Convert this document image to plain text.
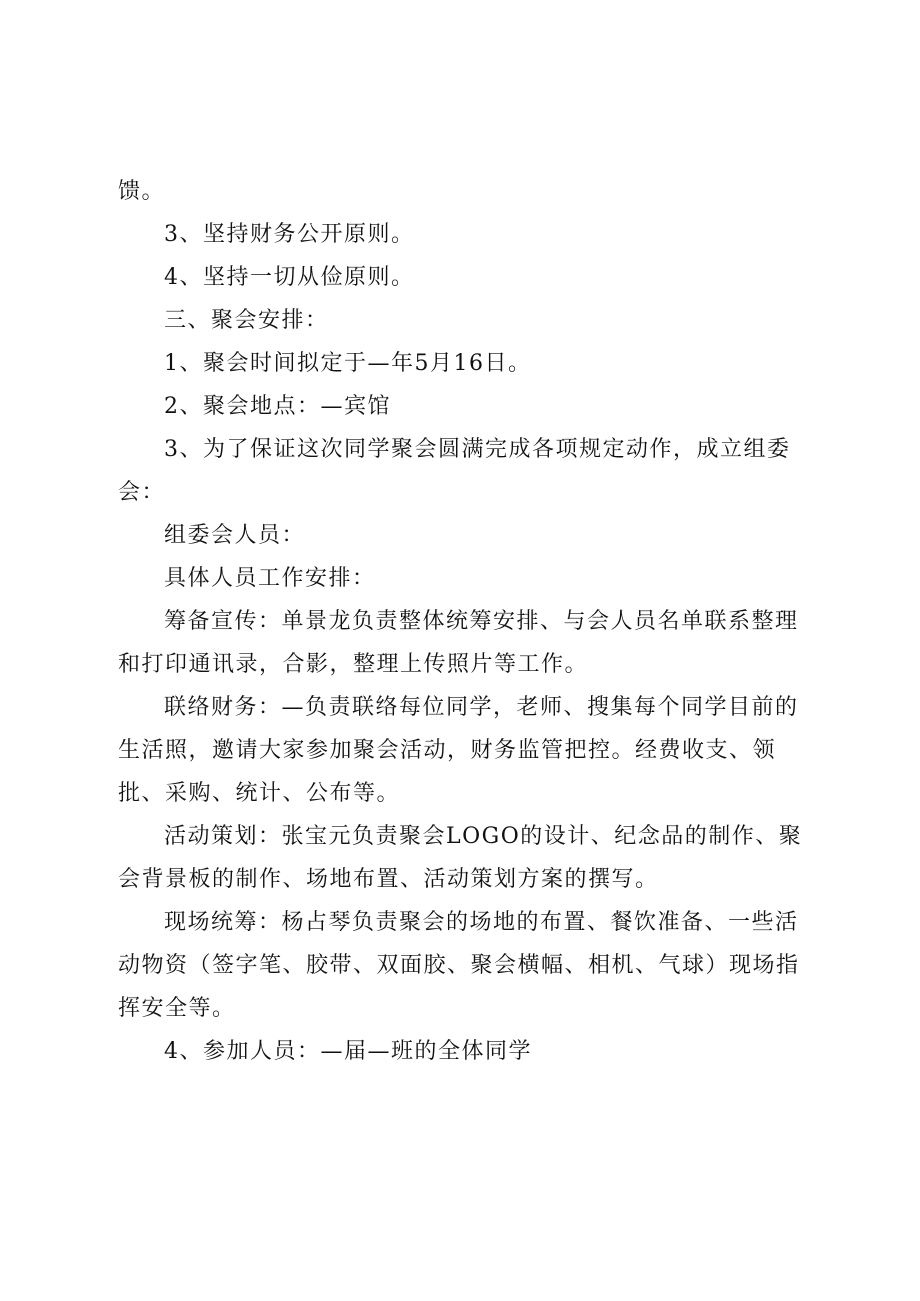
馈。

3、坚持财务公开原则。

4、坚持一切从俭原则。

三、聚会安排：

1、聚会时间拟定于—年5月16日。

2、聚会地点：—宾馆

3、为了保证这次同学聚会圆满完成各项规定动作，成立组委会：

组委会人员：

具体人员工作安排：

筹备宣传：单景龙负责整体统筹安排、与会人员名单联系整理和打印通讯录，合影，整理上传照片等工作。

联络财务：—负责联络每位同学，老师、搜集每个同学目前的生活照，邀请大家参加聚会活动，财务监管把控。经费收支、领批、采购、统计、公布等。

活动策划：张宝元负责聚会LOGO的设计、纪念品的制作、聚会背景板的制作、场地布置、活动策划方案的撰写。

现场统筹：杨占琴负责聚会的场地的布置、餐饮准备、一些活动物资（签字笔、胶带、双面胶、聚会横幅、相机、气球）现场指挥安全等。

4、参加人员：—届—班的全体同学
